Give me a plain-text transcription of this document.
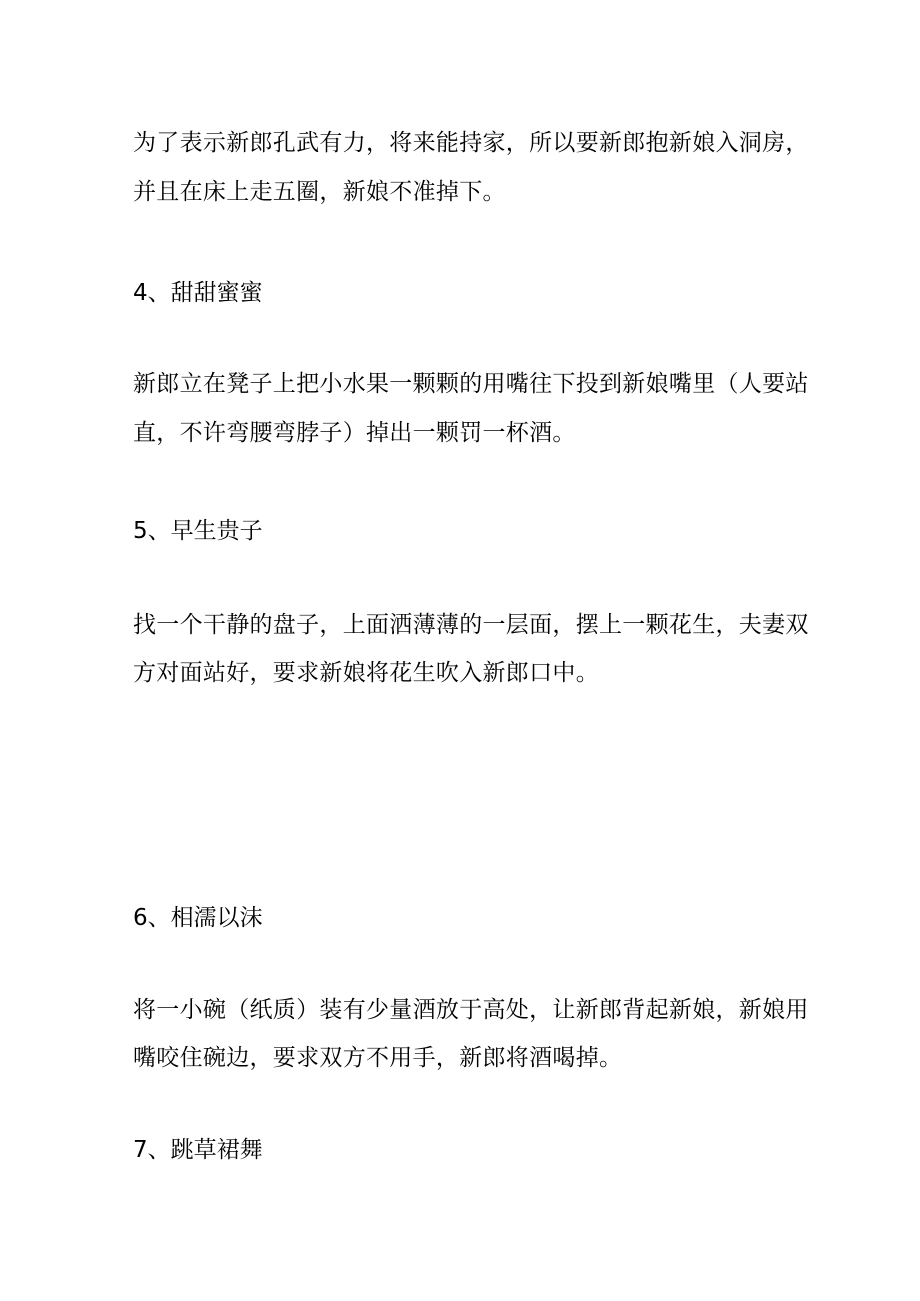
为了表示新郎孔武有力，将来能持家，所以要新郎抱新娘入洞房，
并且在床上走五圈，新娘不准掉下。
4、甜甜蜜蜜
新郎立在凳子上把小水果一颗颗的用嘴往下投到新娘嘴里（人要站
直，不许弯腰弯脖子）掉出一颗罚一杯酒。
5、早生贵子
找一个干静的盘子，上面洒薄薄的一层面，摆上一颗花生，夫妻双
方对面站好，要求新娘将花生吹入新郎口中。
6、相濡以沫
将一小碗（纸质）装有少量酒放于高处，让新郎背起新娘，新娘用
嘴咬住碗边，要求双方不用手，新郎将酒喝掉。
7、跳草裙舞
